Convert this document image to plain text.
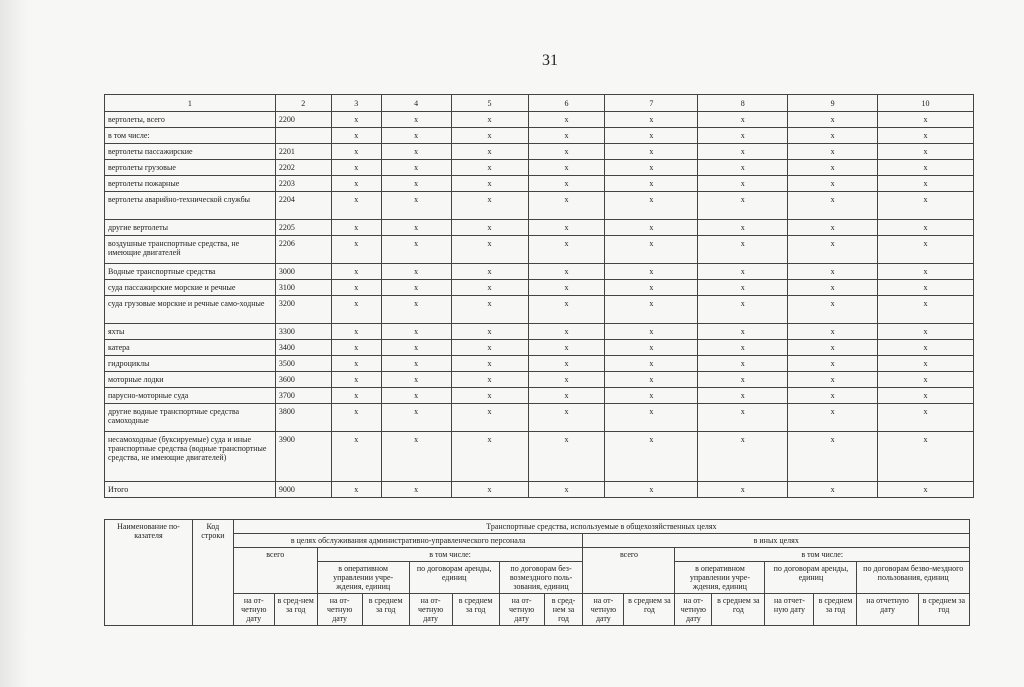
31
1	2	3	4	5	6	7	8	9	10
вертолеты, всего	2200	х	х	х	х	х	х	х	х
в том числе:		х	х	х	х	х	х	х	х
вертолеты пассажирские	2201	х	х	х	х	х	х	х	х
вертолеты грузовые	2202	х	х	х	х	х	х	х	х
вертолеты пожарные	2203	х	х	х	х	х	х	х	х
вертолеты аварийно-технической службы	2204	х	х	х	х	х	х	х	х
другие вертолеты	2205	х	х	х	х	х	х	х	х
воздушные транспортные средства, не имеющие двигателей	2206	х	х	х	х	х	х	х	х
Водные транспортные средства	3000	х	х	х	х	х	х	х	х
суда пассажирские морские и речные	3100	х	х	х	х	х	х	х	х
суда грузовые морские и речные само-ходные	3200	х	х	х	х	х	х	х	х
яхты	3300	х	х	х	х	х	х	х	х
катера	3400	х	х	х	х	х	х	х	х
гидроциклы	3500	х	х	х	х	х	х	х	х
моторные лодки	3600	х	х	х	х	х	х	х	х
парусно-моторные суда	3700	х	х	х	х	х	х	х	х
другие водные транспортные средства самоходные	3800	х	х	х	х	х	х	х	х
несамоходные (буксируемые) суда и иные транспортные средства (водные транспортные средства, не имеющие двигателей)	3900	х	х	х	х	х	х	х	х
Итого	9000	х	х	х	х	х	х	х	х
Наименование по-казателя	Код строки	Транспортные средства, используемые в общехозяйственных целях															
		в целях обслуживания административно-управленческого персонала								в иных целях							
		всего		в том числе:						всего		в том числе:					
				в оперативном управлении учре-ждения, единиц		по договорам аренды, единиц		по договорам без-возмездного поль-зования, единиц				в оперативном управлении учре-ждения, единиц		по договорам аренды, единиц		по договорам безво-мездного пользования, единиц	
		на от-четную дату	в сред-нем за год	на от-четную дату	в среднем за год	на от-четную дату	в среднем за год	на от-четную дату	в сред-нем за год	на от-четную дату	в среднем за год	на от-четную дату	в среднем за год	на отчет-ную дату	в среднем за год	на отчетную дату	в среднем за год
